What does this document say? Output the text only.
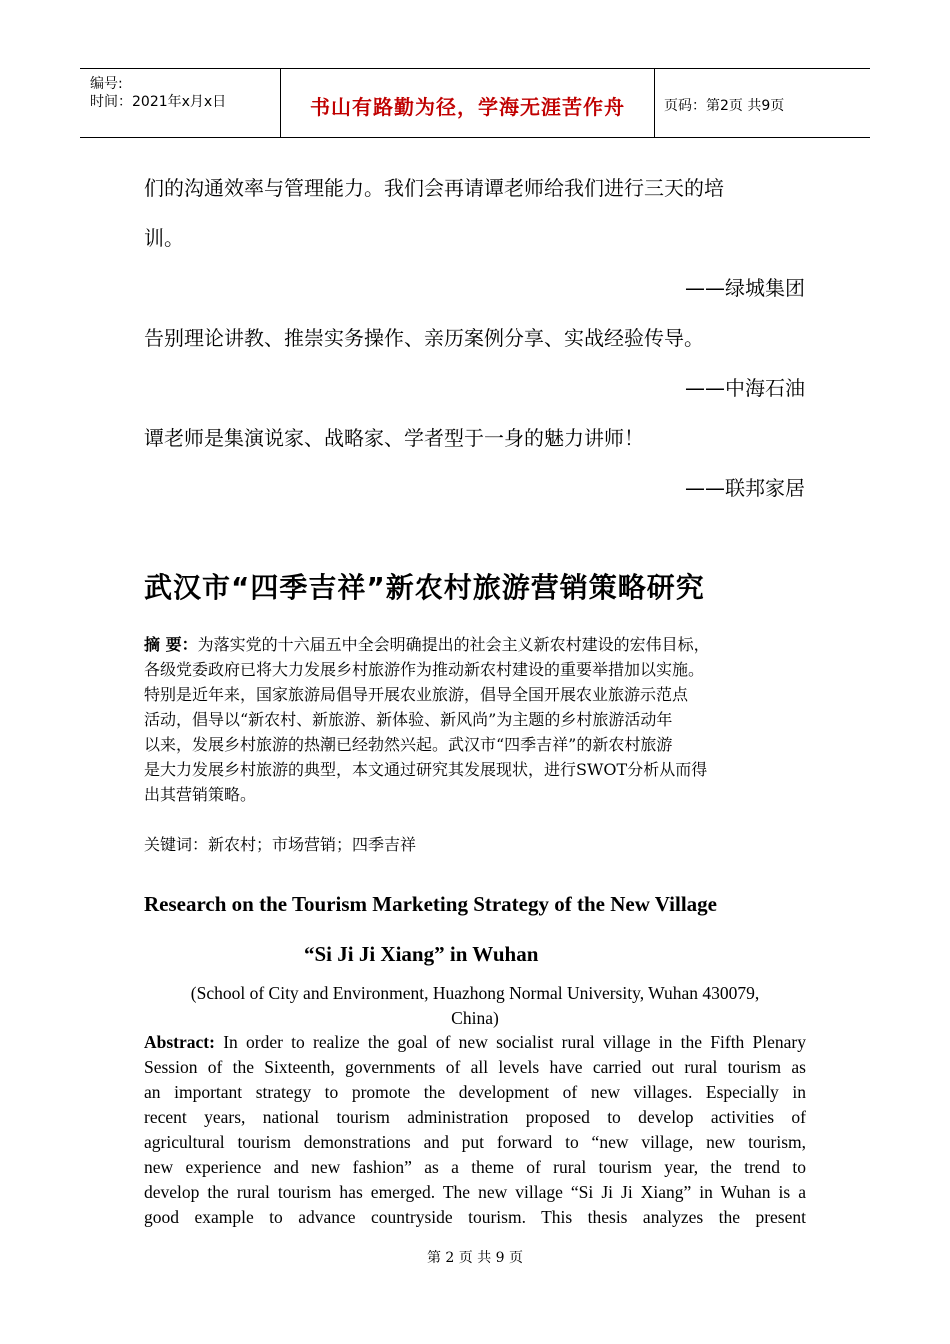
编号:
时间：2021年x月x日	书山有路勤为径，学海无涯苦作舟	页码：第2页 共9页
们的沟通效率与管理能力。我们会再请谭老师给我们进行三天的培
训。
——绿城集团
告别理论讲教、推崇实务操作、亲历案例分享、实战经验传导。
——中海石油
谭老师是集演说家、战略家、学者型于一身的魅力讲师！
——联邦家居
武汉市“四季吉祥”新农村旅游营销策略研究
摘 要：为落实党的十六届五中全会明确提出的社会主义新农村建设的宏伟目标，
各级党委政府已将大力发展乡村旅游作为推动新农村建设的重要举措加以实施。
特别是近年来，国家旅游局倡导开展农业旅游，倡导全国开展农业旅游示范点
活动，倡导以“新农村、新旅游、新体验、新风尚”为主题的乡村旅游活动年
以来，发展乡村旅游的热潮已经勃然兴起。武汉市“四季吉祥”的新农村旅游
是大力发展乡村旅游的典型，本文通过研究其发展现状，进行SWOT分析从而得
出其营销策略。
关键词：新农村；市场营销；四季吉祥
Research on the Tourism Marketing Strategy of the New Village
“Si Ji Ji Xiang” in Wuhan
(School of City and Environment, Huazhong Normal University, Wuhan 430079,
China)
Abstract: In order to realize the goal of new socialist rural village in the Fifth Plenary
Session of the Sixteenth, governments of all levels have carried out rural tourism as
an important strategy to promote the development of new villages. Especially in
recent years, national tourism administration proposed to develop activities of
agricultural tourism demonstrations and put forward to “new village, new tourism,
new experience and new fashion” as a theme of rural tourism year, the trend to
develop the rural tourism has emerged. The new village “Si Ji Ji Xiang” in Wuhan is a
good example to advance countryside tourism. This thesis analyzes the present
第 2 页 共 9 页
